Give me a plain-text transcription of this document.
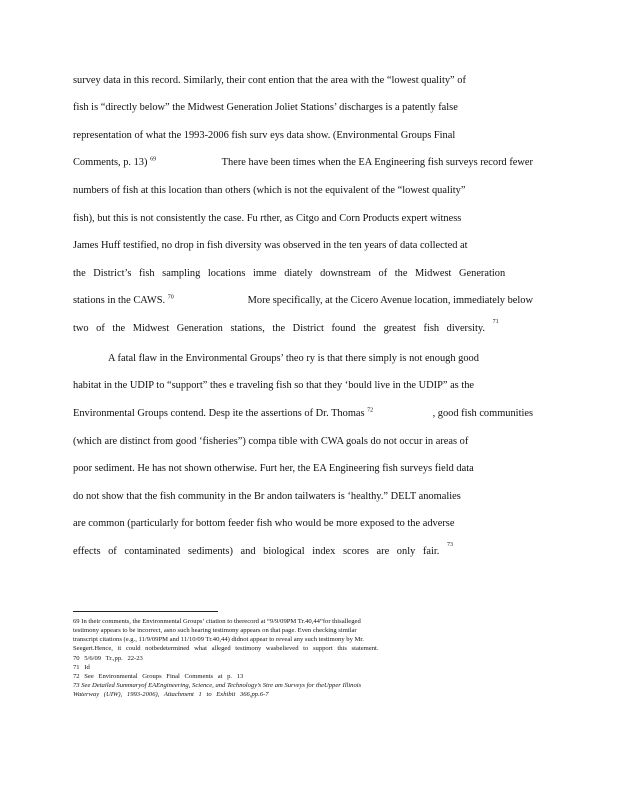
survey data in this record. Similarly, their cont ention that the area with the “lowest quality” of
fish is “directly below” the Midwest Generation Joliet Stations’ discharges is a patently false
representation of what the 1993-2006 fish surv eys data show. (Environmental Groups Final
Comments, p. 13) $^{69}$	There have been times when the EA Engineering fish surveys record fewer
numbers of fish at this location than others (which is not the equivalent of the “lowest quality”
fish), but this is not consistently the case. Fu rther, as Citgo and Corn Products expert witness
James Huff testified, no drop in fish diversity was observed in the ten years of data collected at
the District’s fish sampling locations imme diately downstream of the Midwest Generation
stations in the CAWS. $^{70}$	More specifically, at the Cicero Avenue location, immediately below
two of the Midwest Generation stations, the District found the greatest fish diversity.

71
A fatal flaw in the Environmental Groups’ theo ry is that there simply is not enough good
habitat in the UDIP to “support” thes e traveling fish so that they ‘bould live in the UDIP” as the
Environmental Groups contend. Desp ite the assertions of Dr. Thomas $^{72}$	, good fish communities
(which are distinct from good ‘fisheries”) compa tible with CWA goals do not occur in areas of
poor sediment. He has not shown otherwise. Furt her, the EA Engineering fish surveys field data
do not show that the fish community in the Br andon tailwaters is ‘healthy.” DELT anomalies
are common (particularly for bottom feeder fish who would be more exposed to the adverse
effects of contaminated sediments) and biological index scores are only fair.

73
69 In their comments, the Environmental Groups’ citation to therecord at “9/9/09PM Tr.40,44”for thisalleged
testimony appears to be incorrect, asno such hearing testimony appears on that page. Even checking similar
transcript citations (e.g., 11/9/09PM and 11/10/09 Tr.40,44) didnot appear to reveal any such testimony by Mr.
Seegert.Hence, it could notbedetermined what alleged testimony wasbelieved to support this statement.
70 5/6/09 Tr.,pp. 22-23
71 Id
72 See Environmental Groups Final Comments at p. 13
73 See Detailed Summaryof EAEngineering, Science, and Technology’s Stre am Surveys for theUpper Illinois
Waterway (UIW), 1993-2006), Attachment 1 to Exhibit 366,pp.6-7
